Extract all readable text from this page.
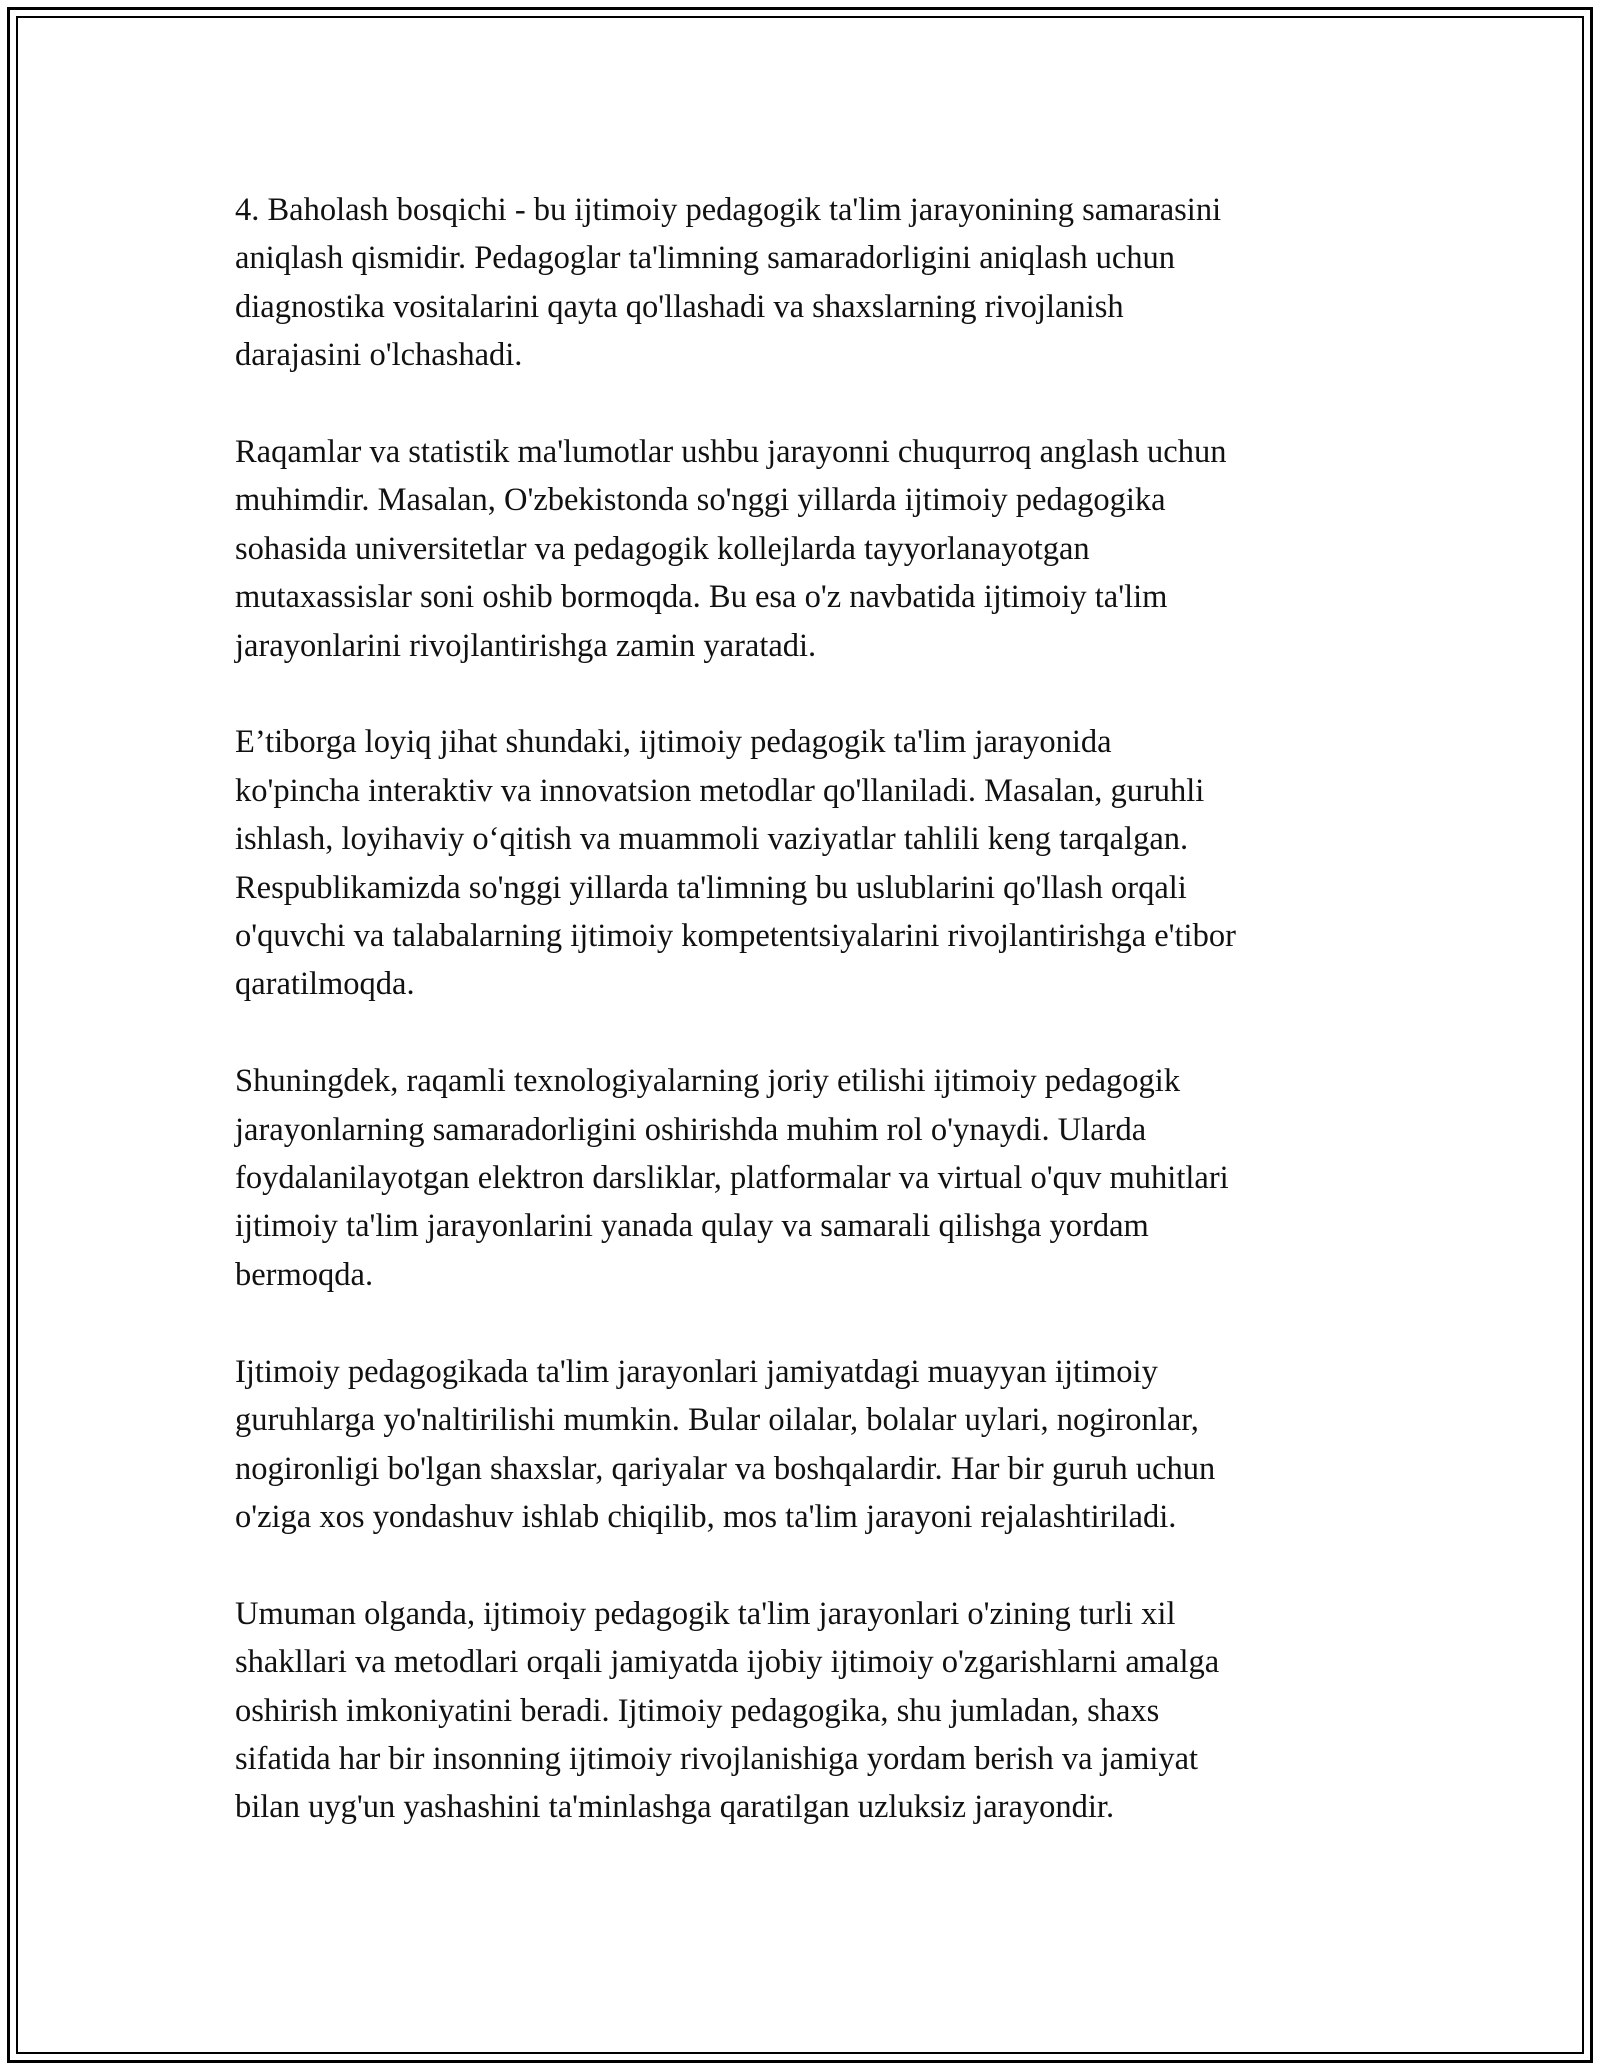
4. Baholash bosqichi - bu ijtimoiy pedagogik ta'lim jarayonining samarasini
aniqlash qismidir. Pedagoglar ta'limning samaradorligini aniqlash uchun
diagnostika vositalarini qayta qo'llashadi va shaxslarning rivojlanish
darajasini o'lchashadi.

Raqamlar va statistik ma'lumotlar ushbu jarayonni chuqurroq anglash uchun
muhimdir. Masalan, O'zbekistonda so'nggi yillarda ijtimoiy pedagogika
sohasida universitetlar va pedagogik kollejlarda tayyorlanayotgan
mutaxassislar soni oshib bormoqda. Bu esa o'z navbatida ijtimoiy ta'lim
jarayonlarini rivojlantirishga zamin yaratadi.

E’tiborga loyiq jihat shundaki, ijtimoiy pedagogik ta'lim jarayonida
ko'pincha interaktiv va innovatsion metodlar qo'llaniladi. Masalan, guruhli
ishlash, loyihaviy o‘qitish va muammoli vaziyatlar tahlili keng tarqalgan.
Respublikamizda so'nggi yillarda ta'limning bu uslublarini qo'llash orqali
o'quvchi va talabalarning ijtimoiy kompetentsiyalarini rivojlantirishga e'tibor
qaratilmoqda.

Shuningdek, raqamli texnologiyalarning joriy etilishi ijtimoiy pedagogik
jarayonlarning samaradorligini oshirishda muhim rol o'ynaydi. Ularda
foydalanilayotgan elektron darsliklar, platformalar va virtual o'quv muhitlari
ijtimoiy ta'lim jarayonlarini yanada qulay va samarali qilishga yordam
bermoqda.

Ijtimoiy pedagogikada ta'lim jarayonlari jamiyatdagi muayyan ijtimoiy
guruhlarga yo'naltirilishi mumkin. Bular oilalar, bolalar uylari, nogironlar,
nogironligi bo'lgan shaxslar, qariyalar va boshqalardir. Har bir guruh uchun
o'ziga xos yondashuv ishlab chiqilib, mos ta'lim jarayoni rejalashtiriladi.

Umuman olganda, ijtimoiy pedagogik ta'lim jarayonlari o'zining turli xil
shakllari va metodlari orqali jamiyatda ijobiy ijtimoiy o'zgarishlarni amalga
oshirish imkoniyatini beradi. Ijtimoiy pedagogika, shu jumladan, shaxs
sifatida har bir insonning ijtimoiy rivojlanishiga yordam berish va jamiyat
bilan uyg'un yashashini ta'minlashga qaratilgan uzluksiz jarayondir.
